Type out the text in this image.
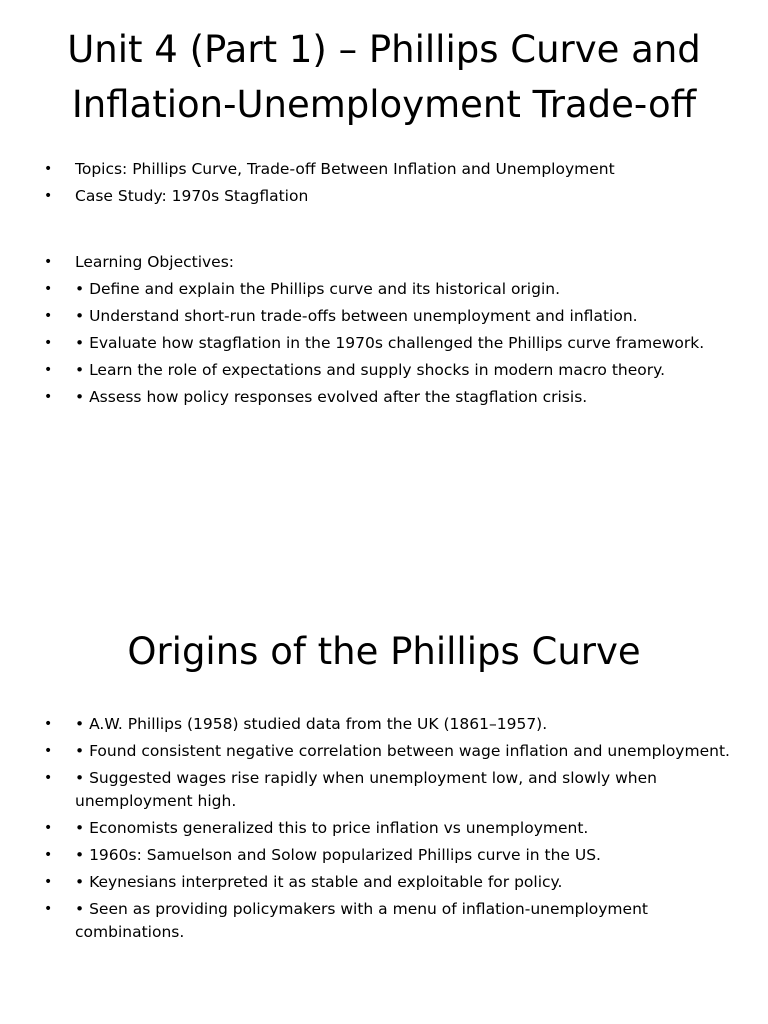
Unit 4 (Part 1) – Phillips Curve and Inflation-Unemployment Trade-off
• Topics: Phillips Curve, Trade-off Between Inflation and Unemployment
• Case Study: 1970s Stagflation
• Learning Objectives:
• • Define and explain the Phillips curve and its historical origin.
• • Understand short-run trade-offs between unemployment and inflation.
• • Evaluate how stagflation in the 1970s challenged the Phillips curve framework.
• • Learn the role of expectations and supply shocks in modern macro theory.
• • Assess how policy responses evolved after the stagflation crisis.
Origins of the Phillips Curve
• • A.W. Phillips (1958) studied data from the UK (1861–1957).
• • Found consistent negative correlation between wage inflation and unemployment.
• • Suggested wages rise rapidly when unemployment low, and slowly when unemployment high.
• • Economists generalized this to price inflation vs unemployment.
• • 1960s: Samuelson and Solow popularized Phillips curve in the US.
• • Keynesians interpreted it as stable and exploitable for policy.
• • Seen as providing policymakers with a menu of inflation-unemployment combinations.
